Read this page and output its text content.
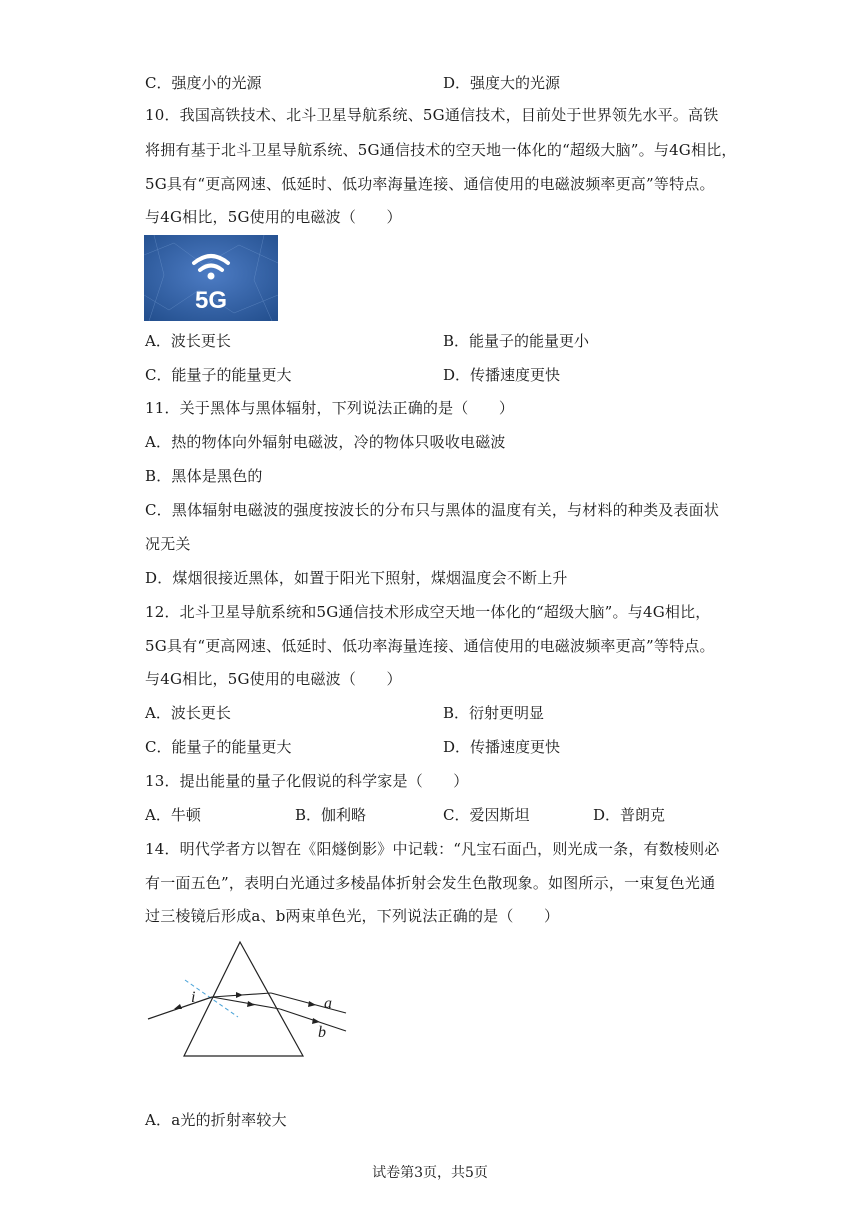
C．强度小的光源	D．强度大的光源
10．我国高铁技术、北斗卫星导航系统、5G通信技术，目前处于世界领先水平。高铁
将拥有基于北斗卫星导航系统、5G通信技术的空天地一体化的“超级大脑”。与4G相比，
5G具有“更高网速、低延时、低功率海量连接、通信使用的电磁波频率更高”等特点。
与4G相比，5G使用的电磁波（　　）
5G
A．波长更长	B．能量子的能量更小
C．能量子的能量更大	D．传播速度更快
11．关于黑体与黑体辐射，下列说法正确的是（　　）
A．热的物体向外辐射电磁波，冷的物体只吸收电磁波
B．黑体是黑色的
C．黑体辐射电磁波的强度按波长的分布只与黑体的温度有关，与材料的种类及表面状
况无关
D．煤烟很接近黑体，如置于阳光下照射，煤烟温度会不断上升
12．北斗卫星导航系统和5G通信技术形成空天地一体化的“超级大脑”。与4G相比，
5G具有“更高网速、低延时、低功率海量连接、通信使用的电磁波频率更高”等特点。
与4G相比，5G使用的电磁波（　　）
A．波长更长	B．衍射更明显
C．能量子的能量更大	D．传播速度更快
13．提出能量的量子化假说的科学家是（　　）
A．牛顿	B．伽利略	C．爱因斯坦	D．普朗克
14．明代学者方以智在《阳燧倒影》中记载：“凡宝石面凸，则光成一条，有数棱则必
有一面五色”，表明白光通过多棱晶体折射会发生色散现象。如图所示，一束复色光通
过三棱镜后形成a、b两束单色光，下列说法正确的是（　　）
i	a
b
A．a光的折射率较大
试卷第3页，共5页
